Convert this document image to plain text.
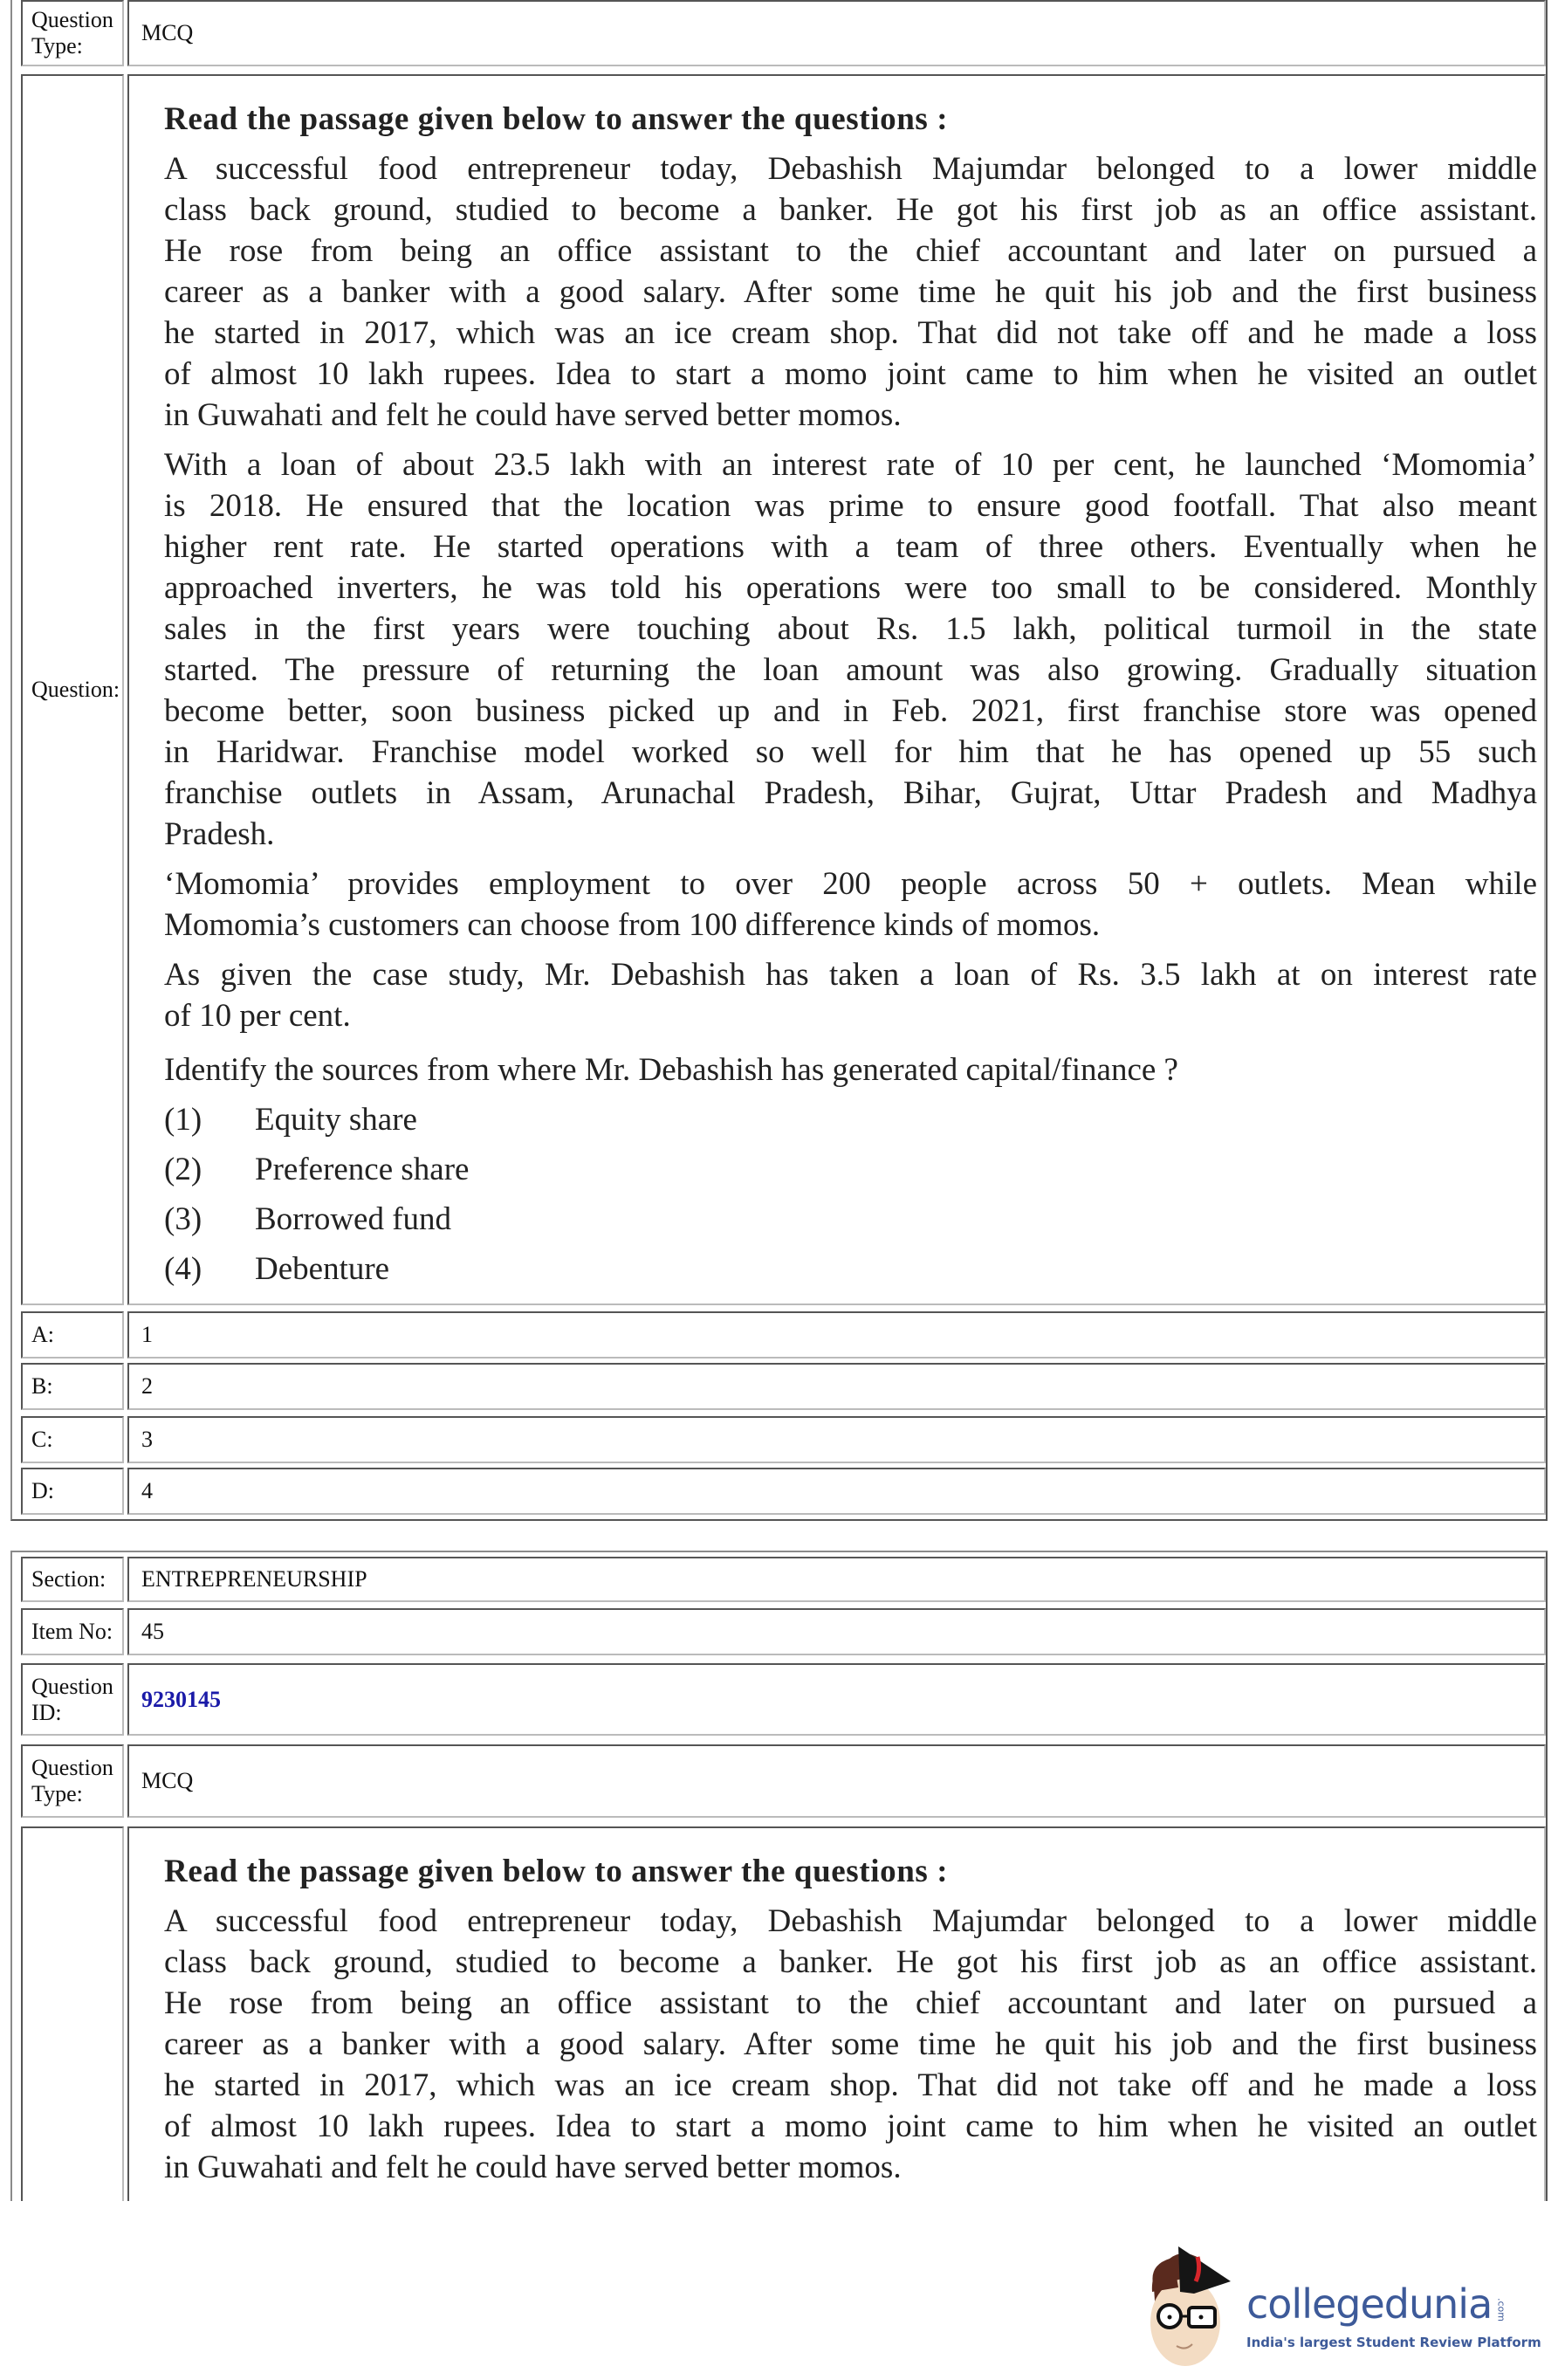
Question Type:
MCQ
Question:
Read the passage given below to answer the questions :
A successful food entrepreneur today, Debashish Majumdar belonged to a lower middle
class back ground, studied to become a banker. He got his first job as an office assistant.
He rose from being an office assistant to the chief accountant and later on pursued a
career as a banker with a good salary. After some time he quit his job and the first business
he started in 2017, which was an ice cream shop. That did not take off and he made a loss
of almost 10 lakh rupees. Idea to start a momo joint came to him when he visited an outlet
in Guwahati and felt he could have served better momos.
With a loan of about 23.5 lakh with an interest rate of 10 per cent, he launched ‘Momomia’
is 2018. He ensured that the location was prime to ensure good footfall. That also meant
higher rent rate. He started operations with a team of three others. Eventually when he
approached inverters, he was told his operations were too small to be considered. Monthly
sales in the first years were touching about Rs. 1.5 lakh, political turmoil in the state
started. The pressure of returning the loan amount was also growing. Gradually situation
become better, soon business picked up and in Feb. 2021, first franchise store was opened
in Haridwar. Franchise model worked so well for him that he has opened up 55 such
franchise outlets in Assam, Arunachal Pradesh, Bihar, Gujrat, Uttar Pradesh and Madhya
Pradesh.
‘Momomia’ provides employment to over 200 people across 50 + outlets. Mean while
Momomia’s customers can choose from 100 difference kinds of momos.
As given the case study, Mr. Debashish has taken a loan of Rs. 3.5 lakh at on interest rate
of 10 per cent.
Identify the sources from where Mr. Debashish has generated capital/finance ?
(1)	Equity share
(2)	Preference share
(3)	Borrowed fund
(4)	Debenture
A:	1
B:	2
C:	3
D:	4
Section:	ENTREPRENEURSHIP
Item No:	45
Question ID:
9230145
Question Type:
MCQ
Read the passage given below to answer the questions :
A successful food entrepreneur today, Debashish Majumdar belonged to a lower middle
class back ground, studied to become a banker. He got his first job as an office assistant.
He rose from being an office assistant to the chief accountant and later on pursued a
career as a banker with a good salary. After some time he quit his job and the first business
he started in 2017, which was an ice cream shop. That did not take off and he made a loss
of almost 10 lakh rupees. Idea to start a momo joint came to him when he visited an outlet
in Guwahati and felt he could have served better momos.
collegedunia .com
India's largest Student Review Platform
